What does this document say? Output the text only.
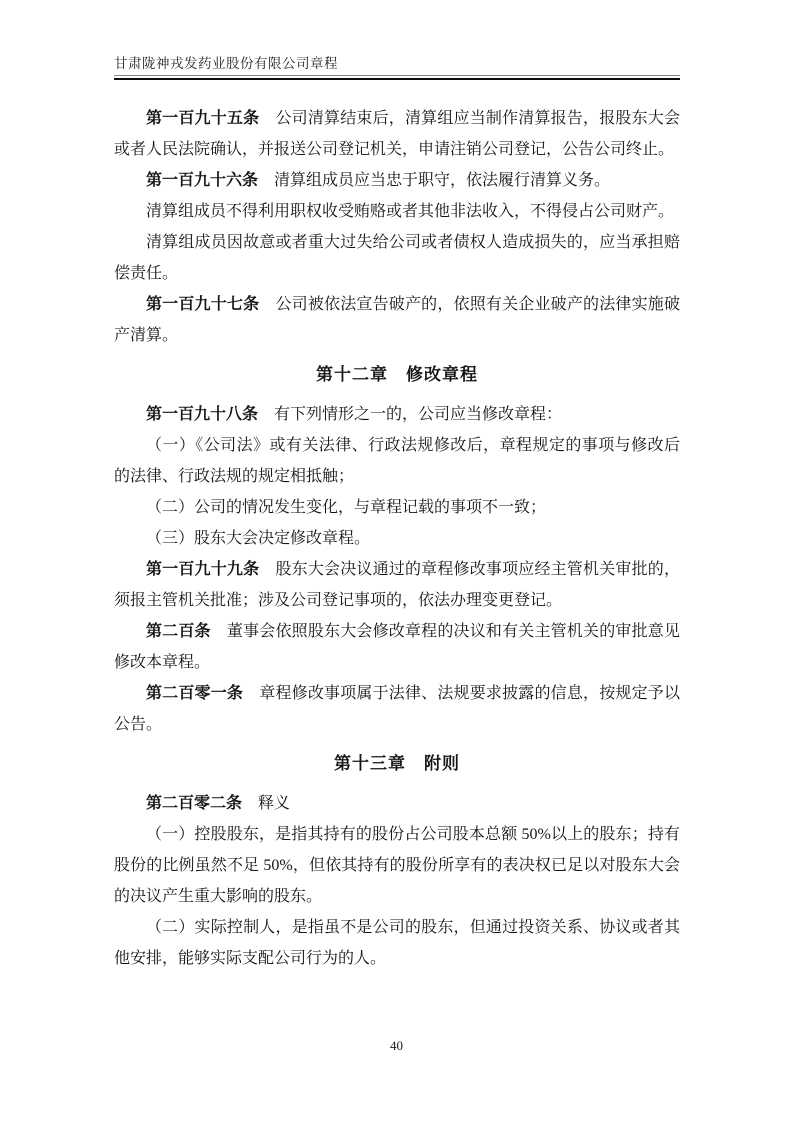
甘肃陇神戎发药业股份有限公司章程
第一百九十五条　公司清算结束后，清算组应当制作清算报告，报股东大会或者人民法院确认，并报送公司登记机关，申请注销公司登记，公告公司终止。
第一百九十六条　清算组成员应当忠于职守，依法履行清算义务。
清算组成员不得利用职权收受贿赂或者其他非法收入，不得侵占公司财产。
清算组成员因故意或者重大过失给公司或者债权人造成损失的，应当承担赔偿责任。
第一百九十七条　公司被依法宣告破产的，依照有关企业破产的法律实施破产清算。
第十二章　修改章程
第一百九十八条　有下列情形之一的，公司应当修改章程：
（一）《公司法》或有关法律、行政法规修改后，章程规定的事项与修改后的法律、行政法规的规定相抵触；
（二）公司的情况发生变化，与章程记载的事项不一致；
（三）股东大会决定修改章程。
第一百九十九条　股东大会决议通过的章程修改事项应经主管机关审批的，须报主管机关批准；涉及公司登记事项的，依法办理变更登记。
第二百条　董事会依照股东大会修改章程的决议和有关主管机关的审批意见修改本章程。
第二百零一条　章程修改事项属于法律、法规要求披露的信息，按规定予以公告。
第十三章　附则
第二百零二条　释义
（一）控股股东，是指其持有的股份占公司股本总额 50%以上的股东；持有股份的比例虽然不足 50%，但依其持有的股份所享有的表决权已足以对股东大会的决议产生重大影响的股东。
（二）实际控制人，是指虽不是公司的股东，但通过投资关系、协议或者其他安排，能够实际支配公司行为的人。
40
